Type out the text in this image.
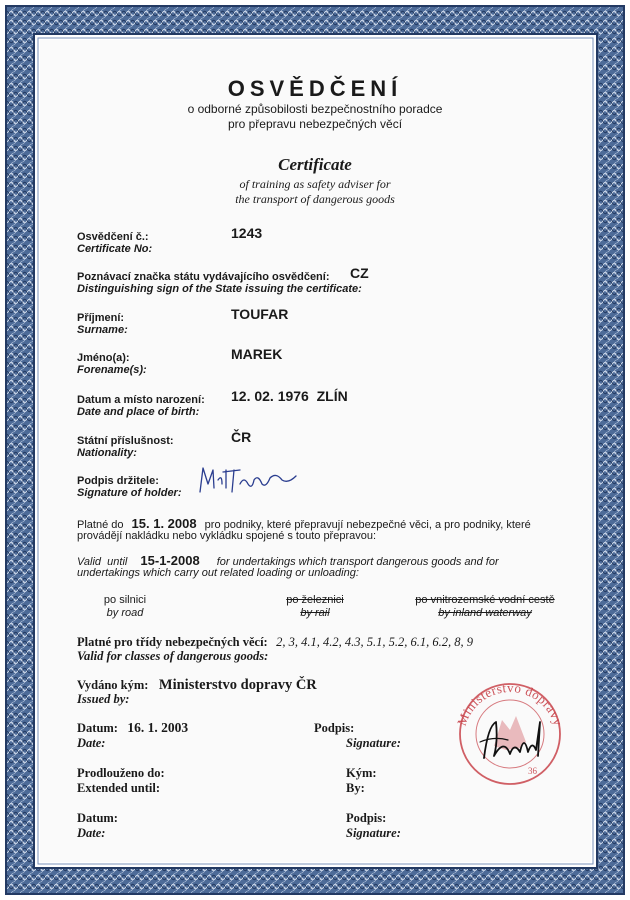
OSVĚDČENÍ
o odborné způsobilosti bezpečnostního poradce
pro přepravu nebezpečných věcí
Certificate
of training as safety adviser for
the transport of dangerous goods
Osvědčení č.:
Certificate No:
1243
Poznávací značka státu vydávajícího osvědčení:
Distinguishing sign of the State issuing the certificate:
CZ
Příjmení:
Surname:
TOUFAR
Jméno(a):
Forename(s):
MAREK
Datum a místo narození:
Date and place of birth:
12. 02. 1976  ZLÍN
Státní příslušnost:
Nationality:
ČR
Podpis držitele:
Signature of holder:
Platné do 15. 1. 2008 pro podniky, které přepravují nebezpečné věci, a pro podniky, které
provádějí nakládku nebo vykládku spojené s touto přepravou:
Valid  until 15-1-2008 for undertakings which transport dangerous goods and for
undertakings which carry out related loading or unloading:
po silnici
by road
po železnici
by rail
po vnitrozemské vodní cestě
by inland waterway
Platné pro třídy nebezpečných věcí: 2, 3, 4.1, 4.2, 4.3, 5.1, 5.2, 6.1, 6.2, 8, 9
Valid for classes of dangerous goods:
Vydáno kým: Ministerstvo dopravy ČR
Issued by:
Datum: 16. 1. 2003
Date:
Podpis:
Signature:
Prodlouženo do:
Extended until:
Kým:
By:
Datum:
Date:
Podpis:
Signature:
Ministerstvo dopravy
36
